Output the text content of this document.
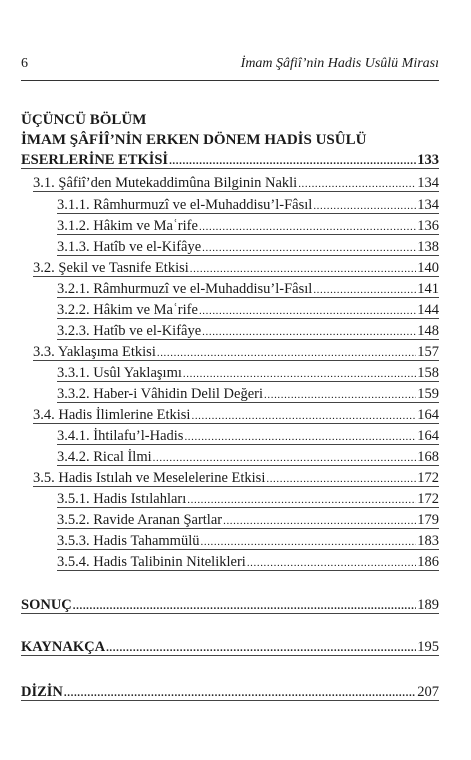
6	İmam Şâfiî’nin Hadis Usûlü Mirası
ÜÇÜNCÜ BÖLÜM
İMAM ŞÂFİÎ’NİN ERKEN DÖNEM HADİS USÛLÜ
ESERLERİNE ETKİSİ .....	133
3.1. Şâfiî’den Mutekaddimûna Bilginin Nakli .....	134
3.1.1. Râmhurmuzî ve el-Muhaddisu’l-Fâsıl .....	134
3.1.2. Hâkim ve Maʿrife .....	136
3.1.3. Hatîb ve el-Kifâye .....	138
3.2. Şekil ve Tasnife Etkisi .....	140
3.2.1. Râmhurmuzî ve el-Muhaddisu’l-Fâsıl .....	141
3.2.2. Hâkim ve Maʿrife .....	144
3.2.3. Hatîb ve el-Kifâye .....	148
3.3. Yaklaşıma Etkisi .....	157
3.3.1. Usûl Yaklaşımı .....	158
3.3.2. Haber-i Vâhidin Delil Değeri .....	159
3.4. Hadis İlimlerine Etkisi .....	164
3.4.1. İhtilafu’l-Hadis .....	164
3.4.2. Rical İlmi .....	168
3.5. Hadis Istılah ve Meselelerine Etkisi .....	172
3.5.1. Hadis Istılahları .....	172
3.5.2. Ravide Aranan Şartlar .....	179
3.5.3. Hadis Tahammülü .....	183
3.5.4. Hadis Talibinin Nitelikleri .....	186
SONUÇ .....	189
KAYNAKÇA .....	195
DİZİN .....	207
